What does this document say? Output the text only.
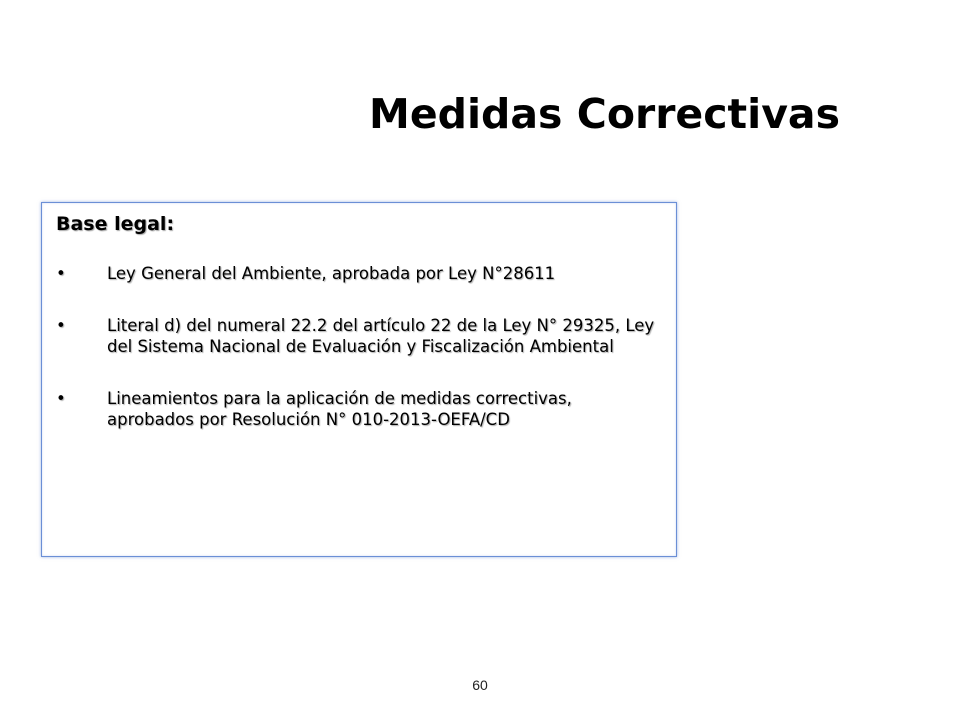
Medidas Correctivas
Base legal:
•	Ley General del Ambiente, aprobada por Ley N°28611
•	Literal d) del numeral 22.2 del artículo 22 de la Ley N° 29325, Ley del Sistema Nacional de Evaluación y Fiscalización Ambiental
•	Lineamientos para la aplicación de medidas correctivas, aprobados por Resolución N° 010-2013-OEFA/CD
60
